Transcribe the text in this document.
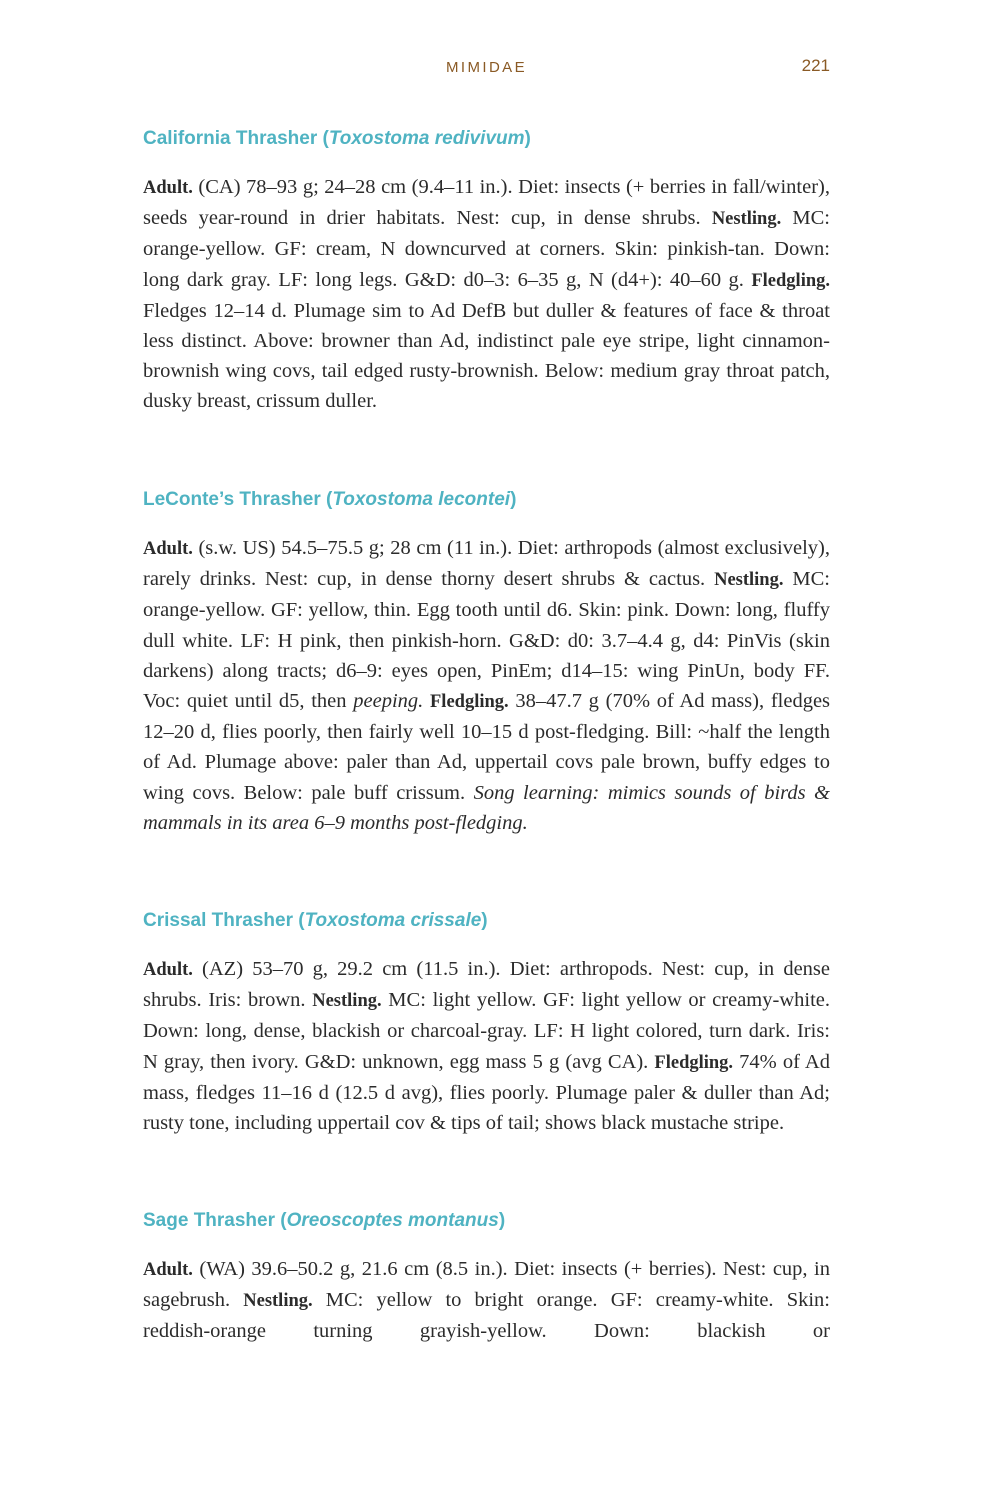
MIMIDAE	221
California Thrasher (Toxostoma redivivum)

Adult. (CA) 78–93 g; 24–28 cm (9.4–11 in.). Diet: insects (+ berries in fall/winter), seeds year-round in drier habitats. Nest: cup, in dense shrubs. Nestling. MC: orange-yellow. GF: cream, N downcurved at corners. Skin: pinkish-tan. Down: long dark gray. LF: long legs. G&D: d0–3: 6–35 g, N (d4+): 40–60 g. Fledgling. Fledges 12–14 d. Plumage sim to Ad DefB but duller & features of face & throat less distinct. Above: browner than Ad, indistinct pale eye stripe, light cinnamon-brownish wing covs, tail edged rusty-brownish. Below: medium gray throat patch, dusky breast, crissum duller.

LeConte’s Thrasher (Toxostoma lecontei)

Adult. (s.w. US) 54.5–75.5 g; 28 cm (11 in.). Diet: arthropods (almost exclusively), rarely drinks. Nest: cup, in dense thorny desert shrubs & cactus. Nestling. MC: orange-yellow. GF: yellow, thin. Egg tooth until d6. Skin: pink. Down: long, fluffy dull white. LF: H pink, then pinkish-horn. G&D: d0: 3.7–4.4 g, d4: PinVis (skin darkens) along tracts; d6–9: eyes open, PinEm; d14–15: wing PinUn, body FF. Voc: quiet until d5, then peeping. Fledgling. 38–47.7 g (70% of Ad mass), fledges 12–20 d, flies poorly, then fairly well 10–15 d post-fledging. Bill: ~half the length of Ad. Plumage above: paler than Ad, uppertail covs pale brown, buffy edges to wing covs. Below: pale buff crissum. Song learning: mimics sounds of birds & mammals in its area 6–9 months post-fledging.

Crissal Thrasher (Toxostoma crissale)

Adult. (AZ) 53–70 g, 29.2 cm (11.5 in.). Diet: arthropods. Nest: cup, in dense shrubs. Iris: brown. Nestling. MC: light yellow. GF: light yellow or creamy-white. Down: long, dense, blackish or charcoal-gray. LF: H light colored, turn dark. Iris: N gray, then ivory. G&D: unknown, egg mass 5 g (avg CA). Fledgling. 74% of Ad mass, fledges 11–16 d (12.5 d avg), flies poorly. Plumage paler & duller than Ad; rusty tone, including uppertail cov & tips of tail; shows black mustache stripe.

Sage Thrasher (Oreoscoptes montanus)

Adult. (WA) 39.6–50.2 g, 21.6 cm (8.5 in.). Diet: insects (+ berries). Nest: cup, in sagebrush. Nestling. MC: yellow to bright orange. GF: creamy-white. Skin: reddish-orange turning grayish-yellow. Down: blackish or
